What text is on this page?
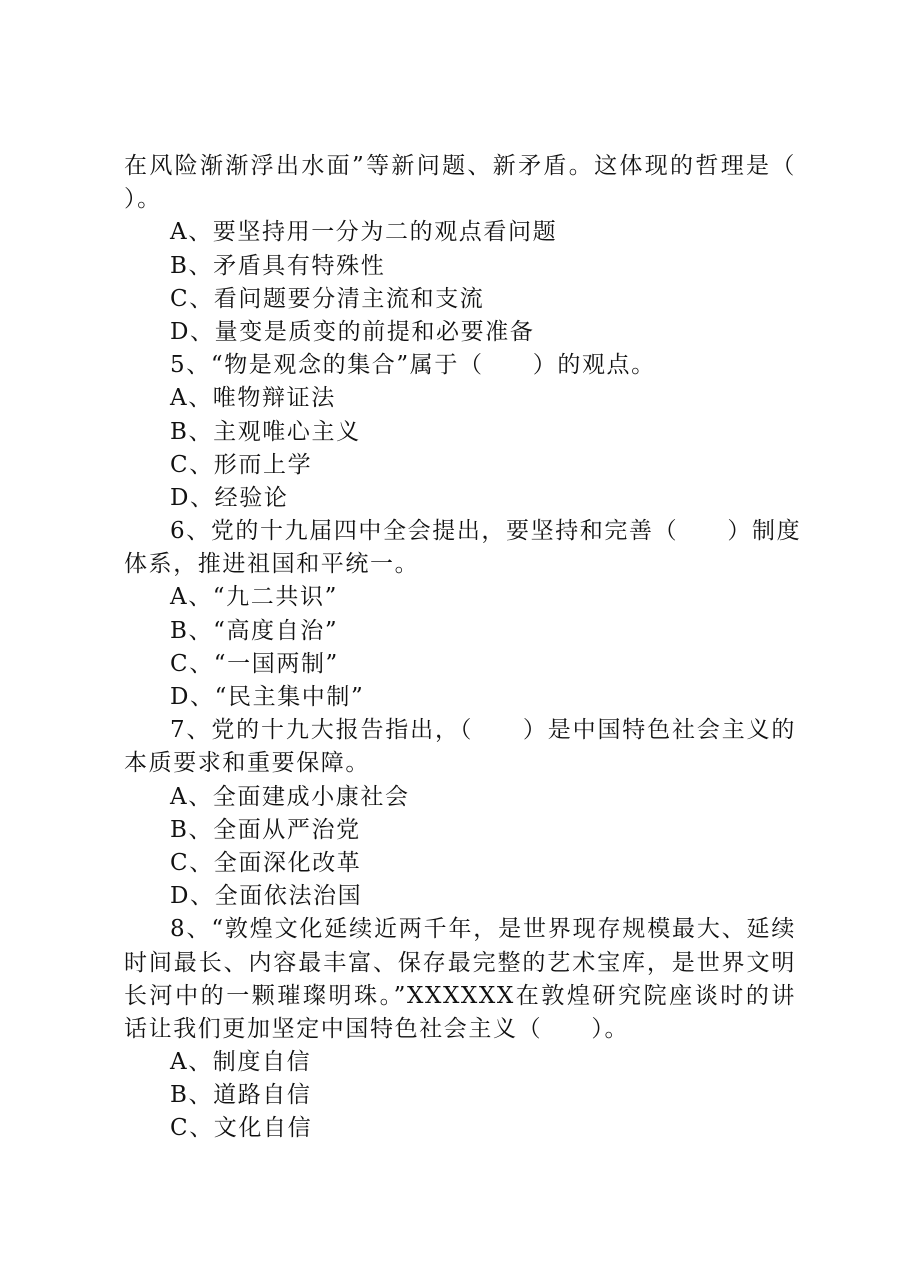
在风险渐渐浮出水面”等新问题、新矛盾。这体现的哲理是（
）。
A、要坚持用一分为二的观点看问题
B、矛盾具有特殊性
C、看问题要分清主流和支流
D、量变是质变的前提和必要准备
5、“物是观念的集合”属于（　　）的观点。
A、唯物辩证法
B、主观唯心主义
C、形而上学
D、经验论
6、党的十九届四中全会提出，要坚持和完善（　　）制度
体系，推进祖国和平统一。
A、“九二共识”
B、“高度自治”
C、“一国两制”
D、“民主集中制”
7、党的十九大报告指出，（　　）是中国特色社会主义的
本质要求和重要保障。
A、全面建成小康社会
B、全面从严治党
C、全面深化改革
D、全面依法治国
8、“敦煌文化延续近两千年，是世界现存规模最大、延续
时间最长、内容最丰富、保存最完整的艺术宝库，是世界文明
长河中的一颗璀璨明珠。”XXXXXX在敦煌研究院座谈时的讲
话让我们更加坚定中国特色社会主义（　　）。
A、制度自信
B、道路自信
C、文化自信
